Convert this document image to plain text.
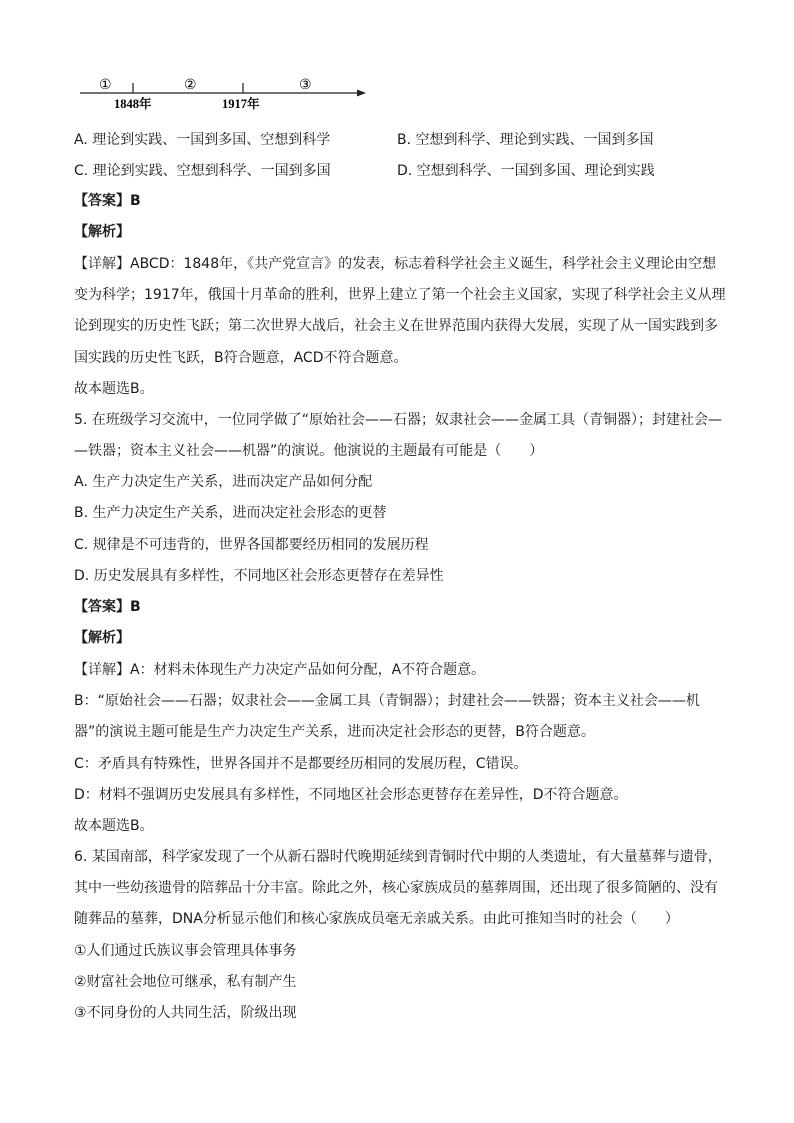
①	②	③
1848年	1917年
A. 理论到实践、一国到多国、空想到科学	B. 空想到科学、理论到实践、一国到多国
C. 理论到实践、空想到科学、一国到多国	D. 空想到科学、一国到多国、理论到实践
【答案】B
【解析】
【详解】ABCD：1848年，《共产党宣言》的发表，标志着科学社会主义诞生，科学社会主义理论由空想
变为科学；1917年，俄国十月革命的胜利，世界上建立了第一个社会主义国家，实现了科学社会主义从理
论到现实的历史性飞跃；第二次世界大战后，社会主义在世界范围内获得大发展，实现了从一国实践到多
国实践的历史性飞跃，B符合题意，ACD不符合题意。
故本题选B。
5. 在班级学习交流中，一位同学做了“原始社会——石器；奴隶社会——金属工具（青铜器）；封建社会—
—铁器；资本主义社会——机器”的演说。他演说的主题最有可能是（　　）
A. 生产力决定生产关系，进而决定产品如何分配
B. 生产力决定生产关系，进而决定社会形态的更替
C. 规律是不可违背的，世界各国都要经历相同的发展历程
D. 历史发展具有多样性，不同地区社会形态更替存在差异性
【答案】B
【解析】
【详解】A：材料未体现生产力决定产品如何分配，A不符合题意。
B：“原始社会——石器；奴隶社会——金属工具（青铜器）；封建社会——铁器；资本主义社会——机
器”的演说主题可能是生产力决定生产关系，进而决定社会形态的更替，B符合题意。
C：矛盾具有特殊性，世界各国并不是都要经历相同的发展历程，C错误。
D：材料不强调历史发展具有多样性，不同地区社会形态更替存在差异性，D不符合题意。
故本题选B。
6. 某国南部，科学家发现了一个从新石器时代晚期延续到青铜时代中期的人类遗址，有大量墓葬与遗骨，
其中一些幼孩遗骨的陪葬品十分丰富。除此之外，核心家族成员的墓葬周围，还出现了很多简陋的、没有
随葬品的墓葬，DNA分析显示他们和核心家族成员毫无亲戚关系。由此可推知当时的社会（　　）
①人们通过氏族议事会管理具体事务
②财富社会地位可继承，私有制产生
③不同身份的人共同生活，阶级出现
